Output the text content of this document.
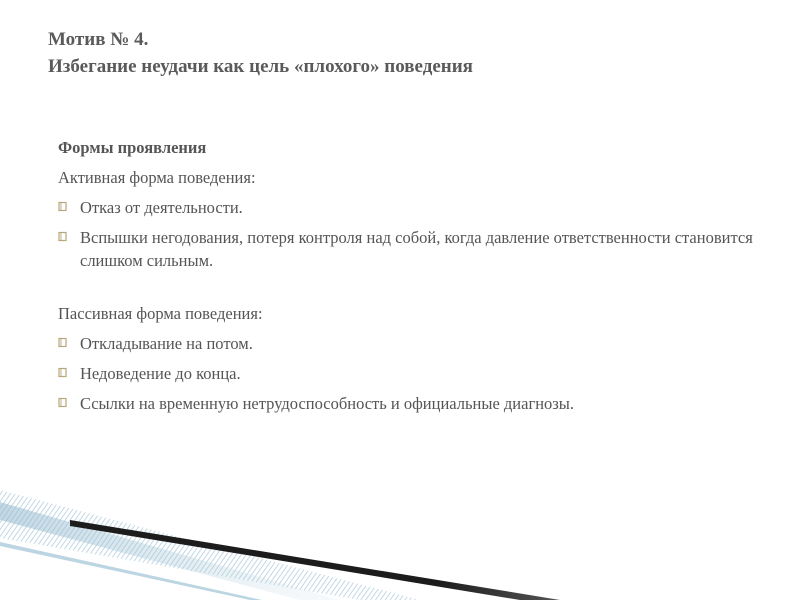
Мотив № 4.
Избегание неудачи как цель «плохого» поведения
Формы проявления
Активная форма поведения:
Отказ от деятельности.
Вспышки негодования, потеря контроля над собой, когда давление ответственности становится слишком сильным.
Пассивная форма поведения:
Откладывание на потом.
Недоведение до конца.
Ссылки на временную нетрудоспособность и официальные диагнозы.
